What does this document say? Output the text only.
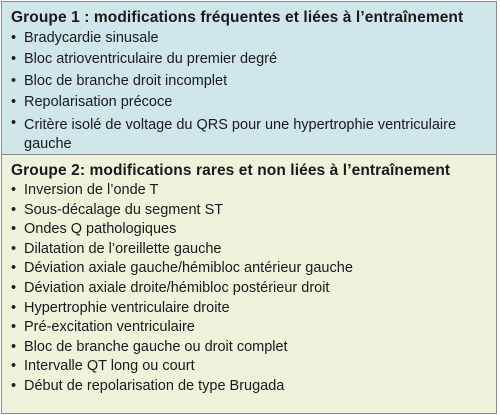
Groupe 1 : modifications fréquentes et liées à l’entraînement
• Bradycardie sinusale
• Bloc atrioventriculaire du premier degré
• Bloc de branche droit incomplet
• Repolarisation précoce
• Critère isolé de voltage du QRS pour une hypertrophie ventriculaire gauche
Groupe 2: modifications rares et non liées à l’entraînement
• Inversion de l’onde T
• Sous-décalage du segment ST
• Ondes Q pathologiques
• Dilatation de l’oreillette gauche
• Déviation axiale gauche/hémibloc antérieur gauche
• Déviation axiale droite/hémibloc postérieur droit
• Hypertrophie ventriculaire droite
• Pré-excitation ventriculaire
• Bloc de branche gauche ou droit complet
• Intervalle QT long ou court
• Début de repolarisation de type Brugada
